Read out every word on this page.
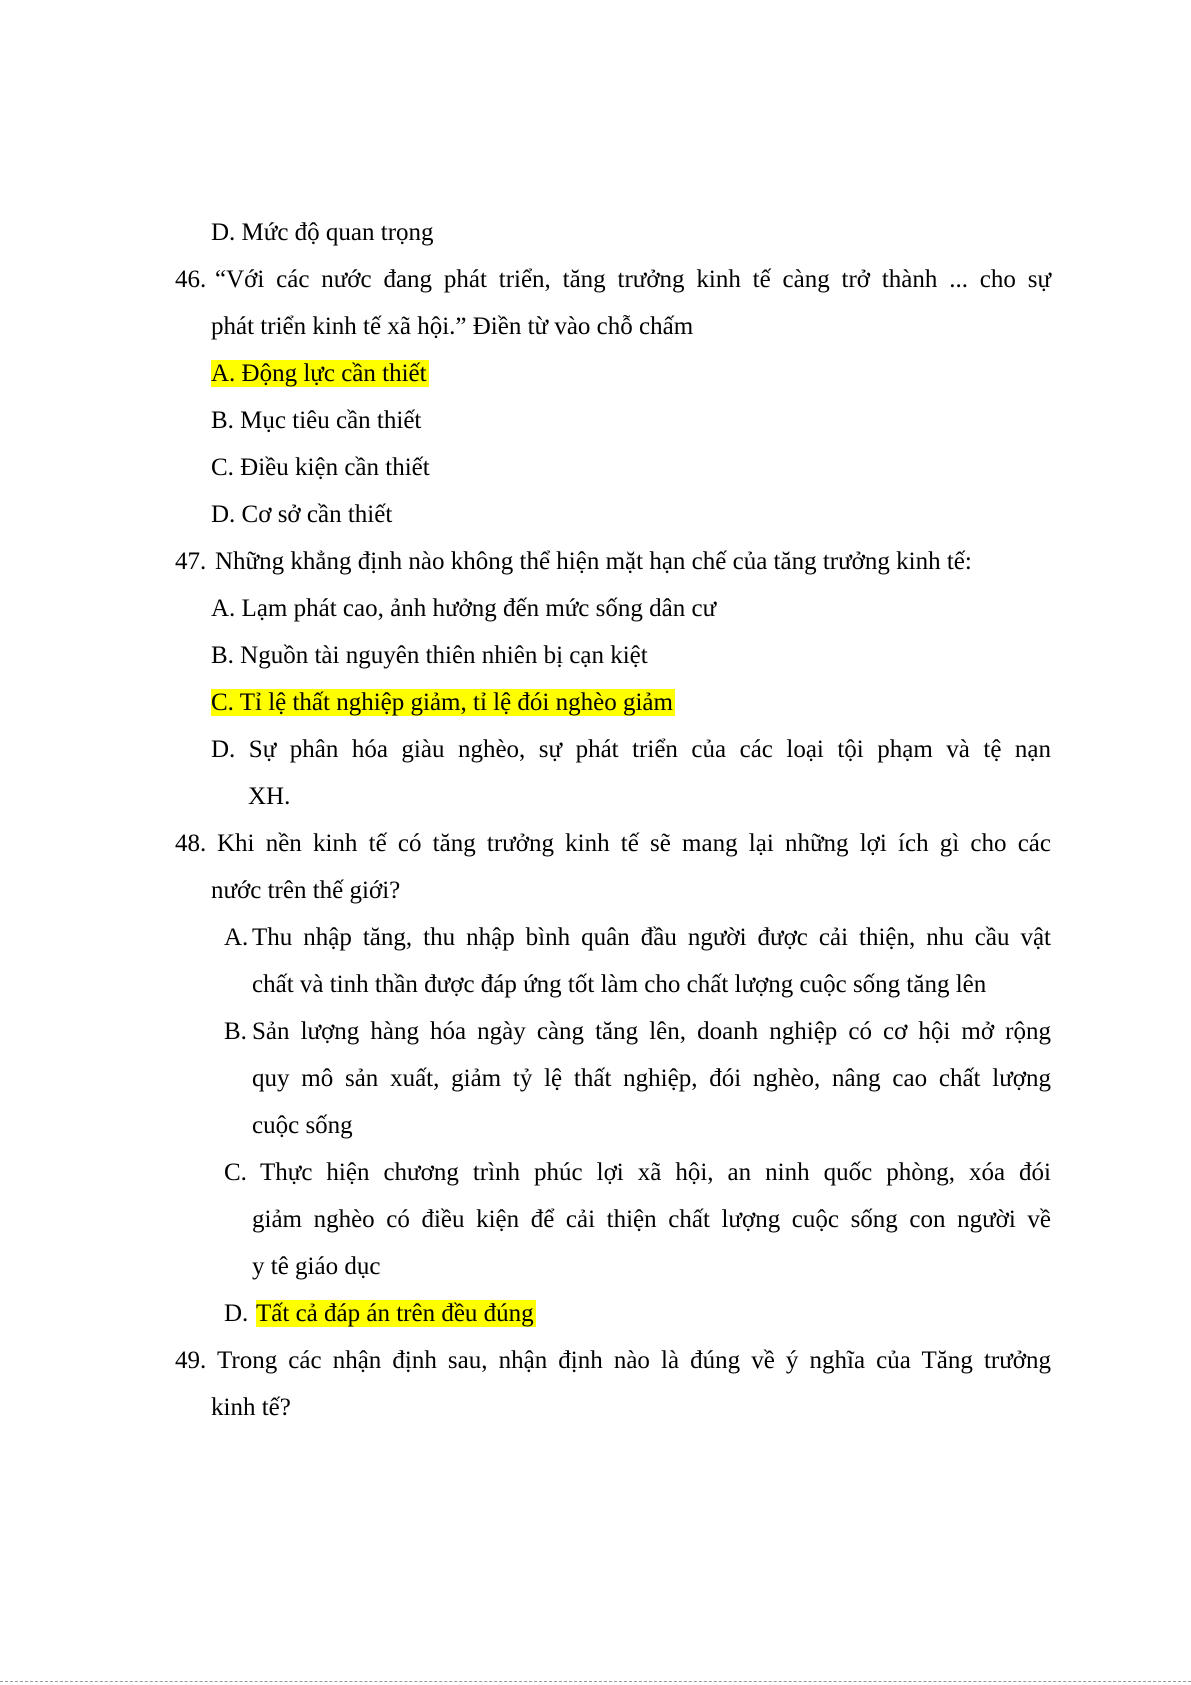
D. Mức độ quan trọng
46. “Với các nước đang phát triển, tăng trưởng kinh tế càng trở thành ... cho sự
phát triển kinh tế xã hội.” Điền từ vào chỗ chấm
A. Động lực cần thiết
B. Mục tiêu cần thiết
C. Điều kiện cần thiết
D. Cơ sở cần thiết
47. Những khẳng định nào không thể hiện mặt hạn chế của tăng trưởng kinh tế:
A. Lạm phát cao, ảnh hưởng đến mức sống dân cư
B. Nguồn tài nguyên thiên nhiên bị cạn kiệt
C. Tỉ lệ thất nghiệp giảm, tỉ lệ đói nghèo giảm
D. Sự phân hóa giàu nghèo, sự phát triển của các loại tội phạm và tệ nạn
XH.
48. Khi nền kinh tế có tăng trưởng kinh tế sẽ mang lại những lợi ích gì cho các
nước trên thế giới?
A. Thu nhập tăng, thu nhập bình quân đầu người được cải thiện, nhu cầu vật
chất và tinh thần được đáp ứng tốt làm cho chất lượng cuộc sống tăng lên
B. Sản lượng hàng hóa ngày càng tăng lên, doanh nghiệp có cơ hội mở rộng
quy mô sản xuất, giảm tỷ lệ thất nghiệp, đói nghèo, nâng cao chất lượng
cuộc sống
C. Thực hiện chương trình phúc lợi xã hội, an ninh quốc phòng, xóa đói
giảm nghèo có điều kiện để cải thiện chất lượng cuộc sống con người về
y tê giáo dục
D. Tất cả đáp án trên đều đúng
49. Trong các nhận định sau, nhận định nào là đúng về ý nghĩa của Tăng trưởng
kinh tế?
